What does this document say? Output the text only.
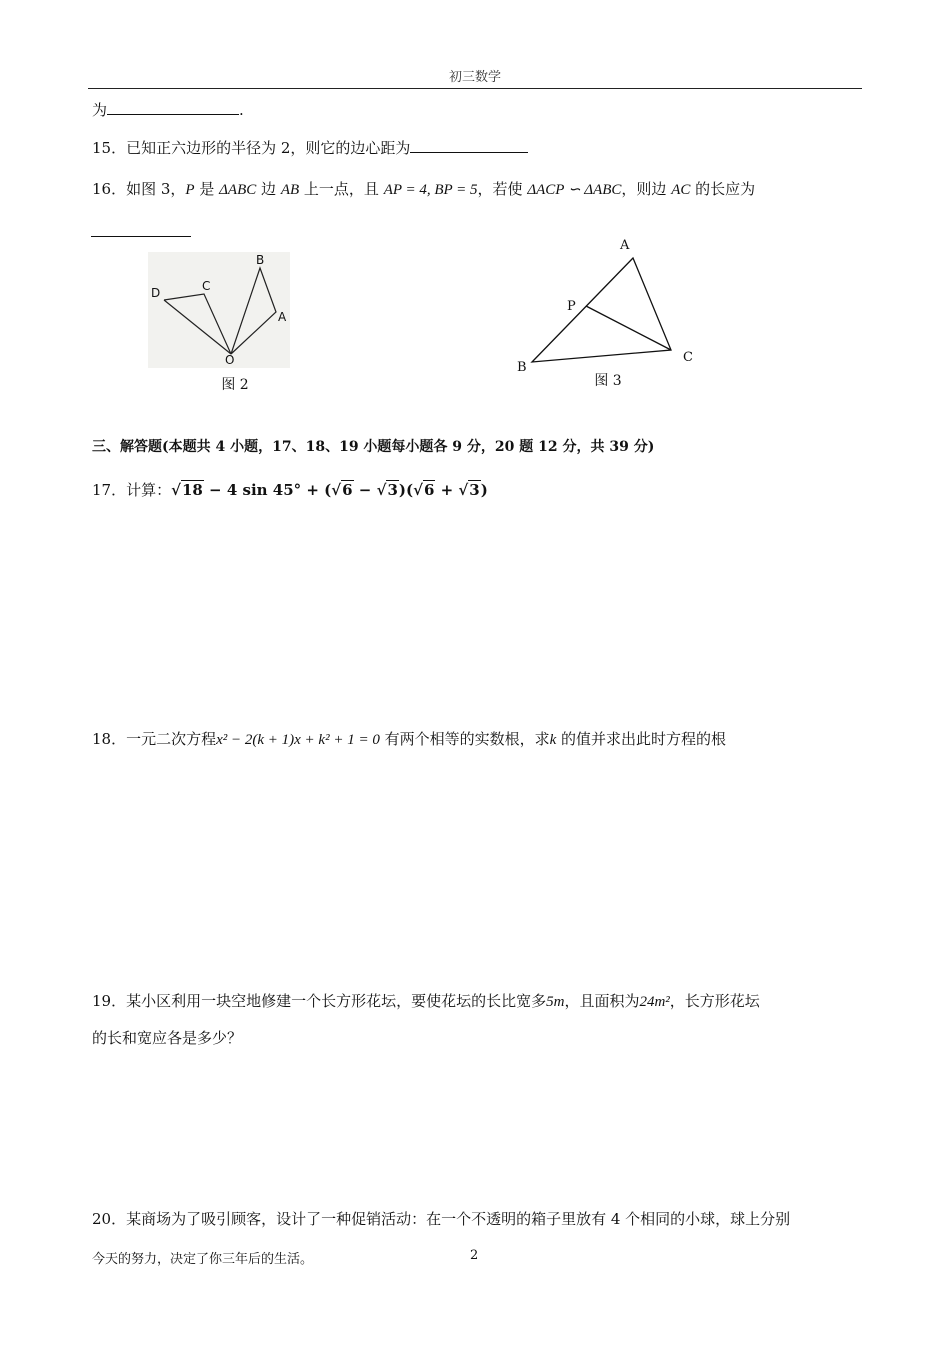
初三数学
为	.
15．已知正六边形的半径为 2，则它的边心距为
16．如图 3，P 是 ΔABC 边 AB 上一点，且 AP = 4, BP = 5，若使 ΔACP ∽ ΔABC，则边 AC 的长应为
D	C
B
A
O
图 2
A
P
B
C
图 3
三、解答题(本题共 4 小题，17、18、19 小题每小题各 9 分，20 题 12 分，共 39 分)
17．计算：√18 − 4 sin 45° + (√6 − √3)(√6 + √3)
18．一元二次方程x² − 2(k + 1)x + k² + 1 = 0 有两个相等的实数根，求k 的值并求出此时方程的根
19．某小区利用一块空地修建一个长方形花坛，要使花坛的长比宽多5m，且面积为24m²，长方形花坛
的长和宽应各是多少？
20．某商场为了吸引顾客，设计了一种促销活动：在一个不透明的箱子里放有 4 个相同的小球，球上分别
今天的努力，决定了你三年后的生活。	2
